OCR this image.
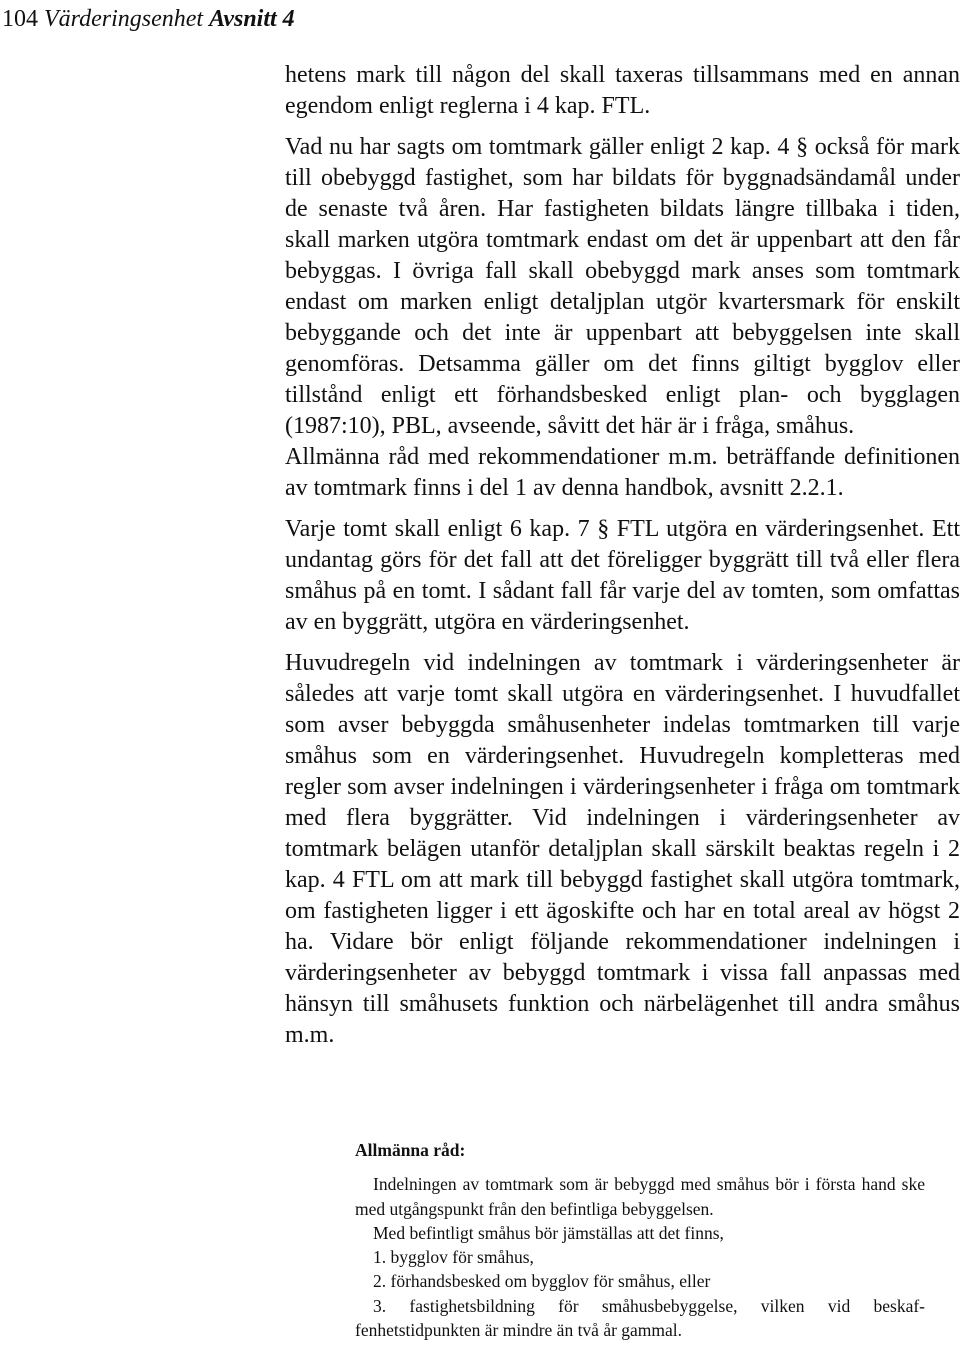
104 Värderingsenhet Avsnitt 4

hetens mark till någon del skall taxeras tillsammans med en annan egendom enligt reglerna i 4 kap. FTL.

Vad nu har sagts om tomtmark gäller enligt 2 kap. 4 § också för mark till obebyggd fastighet, som har bildats för byggnadsändamål under de senaste två åren. Har fastigheten bildats längre tillbaka i tiden, skall marken utgöra tomtmark endast om det är uppenbart att den får bebyggas. I övriga fall skall obebyggd mark anses som tomtmark endast om marken enligt detaljplan utgör kvartersmark för enskilt bebyggande och det inte är uppenbart att bebyggelsen inte skall genomföras. Detsamma gäller om det finns giltigt bygglov eller tillstånd enligt ett förhandsbesked enligt plan- och bygglagen (1987:10), PBL, avseende, såvitt det här är i fråga, småhus.

Allmänna råd med rekommendationer m.m. beträffande definitionen av tomtmark finns i del 1 av denna handbok, avsnitt 2.2.1.

Varje tomt skall enligt 6 kap. 7 § FTL utgöra en värderingsenhet. Ett undantag görs för det fall att det föreligger byggrätt till två eller flera småhus på en tomt. I sådant fall får varje del av tomten, som omfattas av en byggrätt, utgöra en värderingsenhet.

Huvudregeln vid indelningen av tomtmark i värderingsenheter är således att varje tomt skall utgöra en värderingsenhet. I huvudfallet som avser bebyggda småhusenheter indelas tomtmarken till varje småhus som en värderingsenhet. Huvudregeln kompletteras med regler som avser indelningen i värderingsenheter i fråga om tomtmark med flera byggrätter. Vid indelningen i värderingsenheter av tomtmark belägen utanför detaljplan skall särskilt beaktas regeln i 2 kap. 4 FTL om att mark till bebyggd fastighet skall utgöra tomtmark, om fastigheten ligger i ett ägoskifte och har en total areal av högst 2 ha. Vidare bör enligt följande rekommendationer indelningen i värderingsenheter av bebyggd tomtmark i vissa fall anpassas med hänsyn till småhusets funktion och närbelägenhet till andra småhus m.m.

Allmänna råd:

Indelningen av tomtmark som är bebyggd med småhus bör i första hand ske med utgångspunkt från den befintliga bebyggelsen.

Med befintligt småhus bör jämställas att det finns,

1. bygglov för småhus,
2. förhandsbesked om bygglov för småhus, eller
3. fastighetsbildning för småhusbebyggelse, vilken vid beskaffenhetstidpunkten är mindre än två år gammal.
